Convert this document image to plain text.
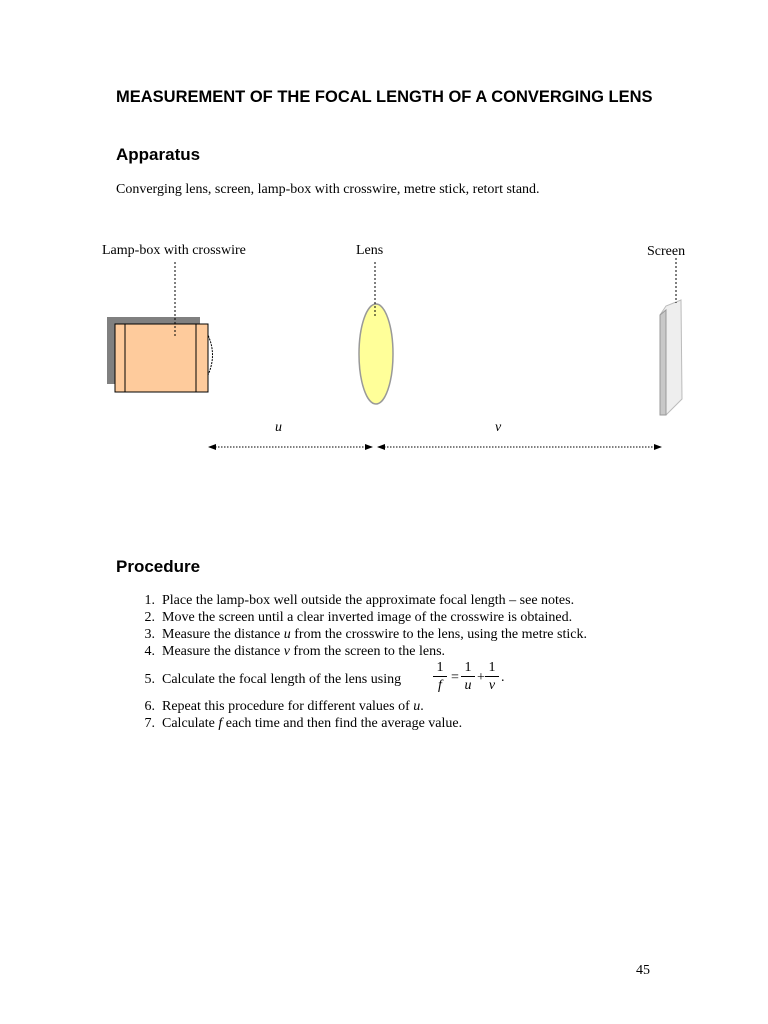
MEASUREMENT OF THE FOCAL LENGTH OF A CONVERGING LENS
Apparatus
Converging lens, screen, lamp-box with crosswire, metre stick, retort stand.
Lamp-box with crosswire	Lens	Screen
u	v
Procedure
1. Place the lamp-box well outside the approximate focal length – see notes.
2. Move the screen until a clear inverted image of the crosswire is obtained.
3. Measure the distance u from the crosswire to the lens, using the metre stick.
4. Measure the distance v from the screen to the lens.
5. Calculate the focal length of the lens using
1
f
=
1
u
+
1
v
.
6. Repeat this procedure for different values of u.
7. Calculate f each time and then find the average value.
45
